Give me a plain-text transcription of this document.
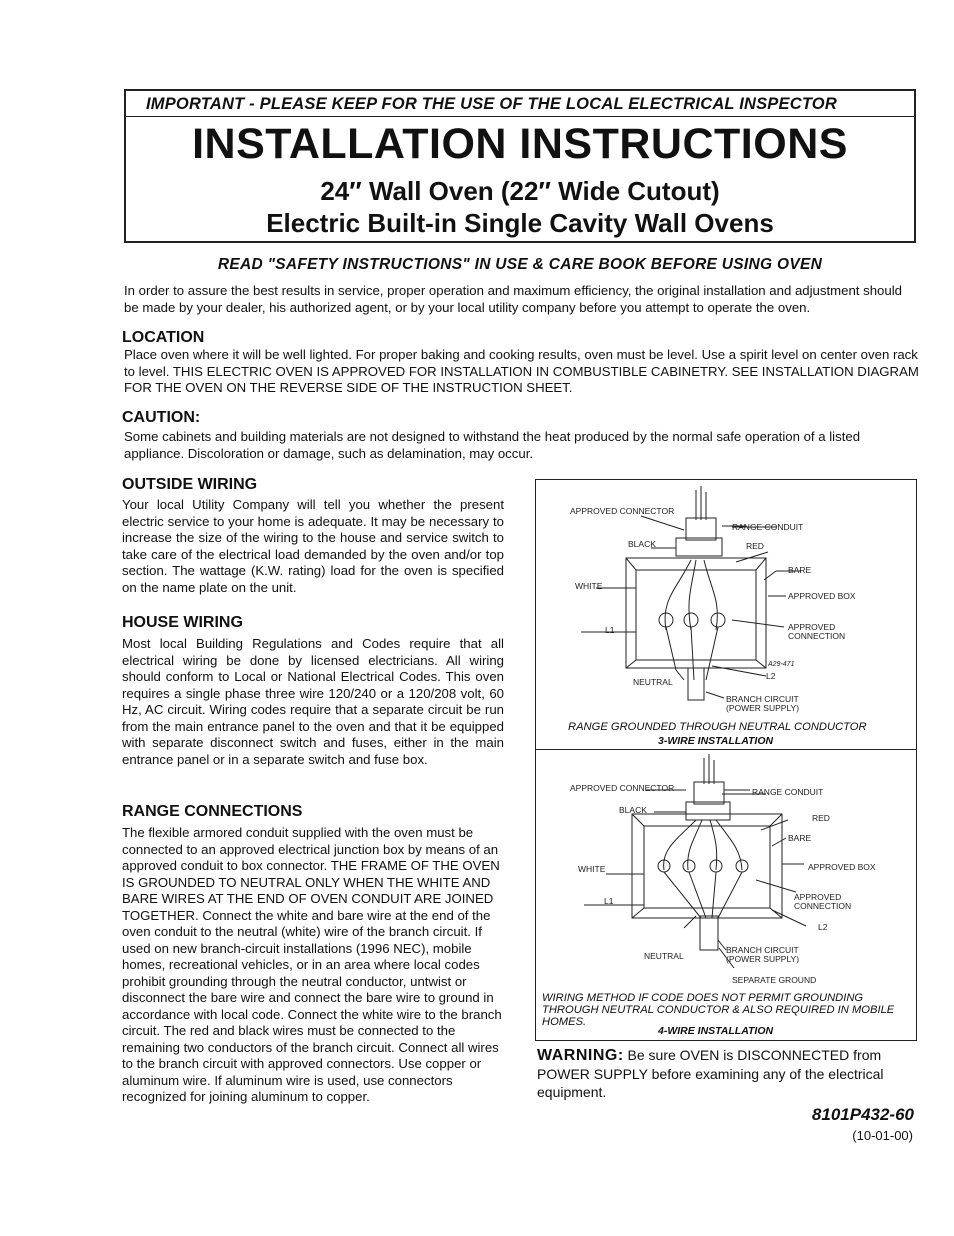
IMPORTANT - PLEASE KEEP FOR THE USE OF THE LOCAL ELECTRICAL INSPECTOR
INSTALLATION INSTRUCTIONS
24″ Wall Oven (22″ Wide Cutout)
Electric Built-in Single Cavity Wall Ovens
READ "SAFETY INSTRUCTIONS" IN USE & CARE BOOK BEFORE USING OVEN

In order to assure the best results in service, proper operation and maximum efficiency, the original installation and adjustment should be made by your dealer, his authorized agent, or by your local utility company before you attempt to operate the oven.

LOCATION

Place oven where it will be well lighted. For proper baking and cooking results, oven must be level. Use a spirit level on center oven rack to level. THIS ELECTRIC OVEN IS APPROVED FOR INSTALLATION IN COMBUSTIBLE CABINETRY. SEE INSTALLATION DIAGRAM FOR THE OVEN ON THE REVERSE SIDE OF THE INSTRUCTION SHEET.

CAUTION:

Some cabinets and building materials are not designed to withstand the heat produced by the normal safe operation of a listed appliance. Discoloration or damage, such as delamination, may occur.

OUTSIDE WIRING

Your local Utility Company will tell you whether the present electric service to your home is adequate. It may be necessary to increase the size of the wiring to the house and service switch to take care of the electrical load demanded by the oven and/or top section. The wattage (K.W. rating) load for the oven is specified on the name plate on the unit.

HOUSE WIRING

Most local Building Regulations and Codes require that all electrical wiring be done by licensed electricians. All wiring should conform to Local or National Electrical Codes. This oven requires a single phase three wire 120/240 or a 120/208 volt, 60 Hz, AC circuit. Wiring codes require that a separate circuit be run from the main entrance panel to the oven and that it be equipped with separate disconnect switch and fuses, either in the main entrance panel or in a separate switch and fuse box.

RANGE CONNECTIONS

The flexible armored conduit supplied with the oven must be connected to an approved electrical junction box by means of an approved conduit to box connector. THE FRAME OF THE OVEN IS GROUNDED TO NEUTRAL ONLY WHEN THE WHITE AND BARE WIRES AT THE END OF OVEN CONDUIT ARE JOINED TOGETHER. Connect the white and bare wire at the end of the oven conduit to the neutral (white) wire of the branch circuit. If used on new branch-circuit installations (1996 NEC), mobile homes, recreational vehicles, or in an area where local codes prohibit grounding through the neutral conductor, untwist or disconnect the bare wire and connect the bare wire to ground in accordance with local code. Connect the white wire to the branch circuit. The red and black wires must be connected to the remaining two conductors of the branch circuit. Connect all wires to the branch circuit with approved connectors. Use copper or aluminum wire. If aluminum wire is used, use connectors recognized for joining aluminum to copper.

APPROVED CONNECTOR
RANGE CONDUIT
BLACK	RED
BARE
WHITE
APPROVED BOX
L1	APPROVED
CONNECTION
A29-471
NEUTRAL
L2
BRANCH CIRCUIT
(POWER SUPPLY)
RANGE GROUNDED THROUGH NEUTRAL CONDUCTOR
3-WIRE INSTALLATION
APPROVED CONNECTOR	RANGE CONDUIT
BLACK
RED
BARE
WHITE	APPROVED BOX
L1	APPROVED
CONNECTION
L2
NEUTRAL
BRANCH CIRCUIT
(POWER SUPPLY)
SEPARATE GROUND
WIRING METHOD IF CODE DOES NOT PERMIT GROUNDING
THROUGH NEUTRAL CONDUCTOR & ALSO REQUIRED IN MOBILE
HOMES.
4-WIRE INSTALLATION
WARNING: Be sure OVEN is DISCONNECTED from POWER SUPPLY before examining any of the electrical equipment.
8101P432-60
(10-01-00)
